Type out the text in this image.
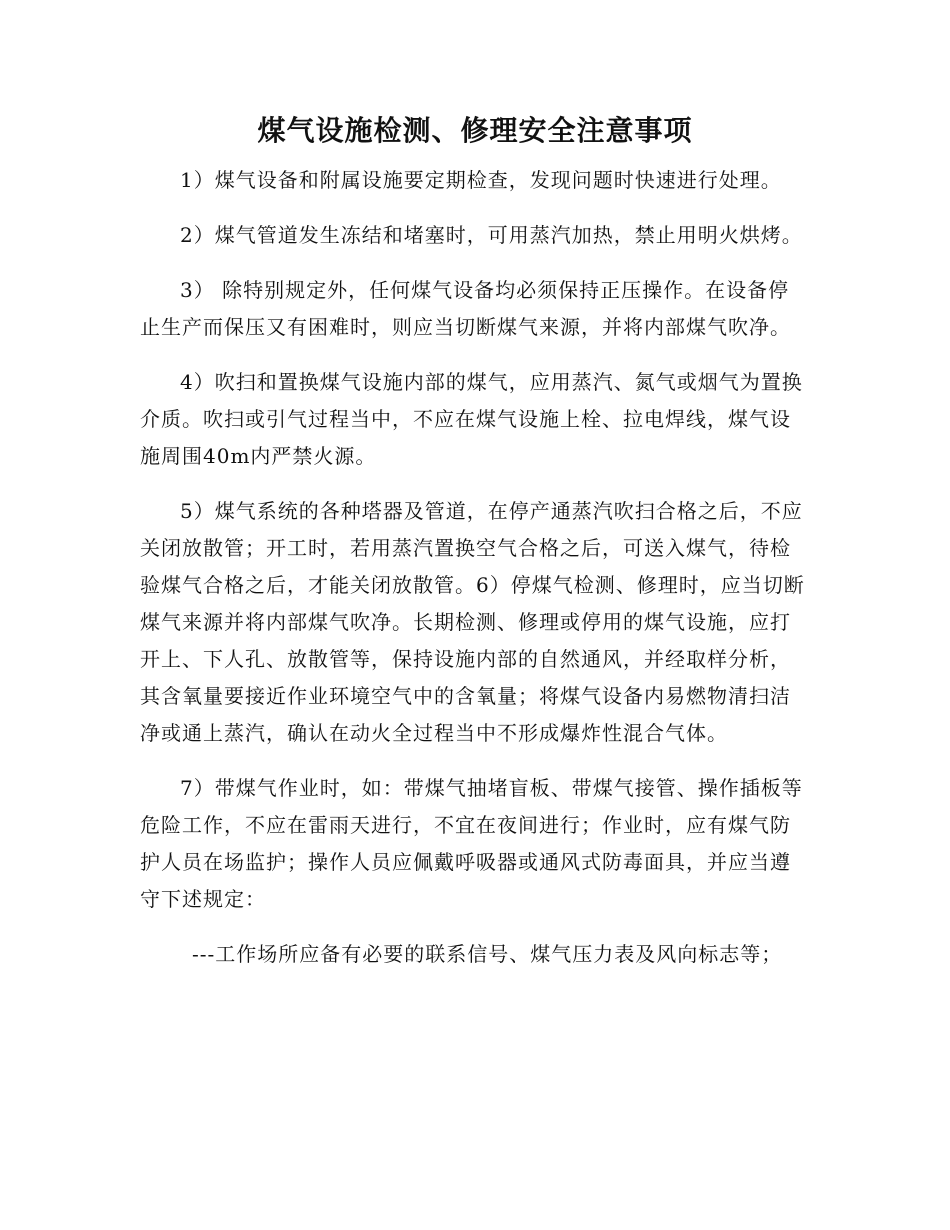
煤气设施检测、修理安全注意事项

1）煤气设备和附属设施要定期检查，发现问题时快速进行处理。

2）煤气管道发生冻结和堵塞时，可用蒸汽加热，禁止用明火烘烤。

3） 除特别规定外，任何煤气设备均必须保持正压操作。在设备停止生产而保压又有困难时，则应当切断煤气来源，并将内部煤气吹净。

4）吹扫和置换煤气设施内部的煤气，应用蒸汽、氮气或烟气为置换介质。吹扫或引气过程当中，不应在煤气设施上栓、拉电焊线，煤气设施周围40m内严禁火源。

5）煤气系统的各种塔器及管道，在停产通蒸汽吹扫合格之后，不应关闭放散管；开工时，若用蒸汽置换空气合格之后，可送入煤气，待检验煤气合格之后，才能关闭放散管。6）停煤气检测、修理时，应当切断煤气来源并将内部煤气吹净。长期检测、修理或停用的煤气设施，应打开上、下人孔、放散管等，保持设施内部的自然通风，并经取样分析，其含氧量要接近作业环境空气中的含氧量；将煤气设备内易燃物清扫洁净或通上蒸汽，确认在动火全过程当中不形成爆炸性混合气体。

7）带煤气作业时，如：带煤气抽堵盲板、带煤气接管、操作插板等危险工作，不应在雷雨天进行，不宜在夜间进行；作业时，应有煤气防护人员在场监护；操作人员应佩戴呼吸器或通风式防毒面具，并应当遵守下述规定：

---工作场所应备有必要的联系信号、煤气压力表及风向标志等；
